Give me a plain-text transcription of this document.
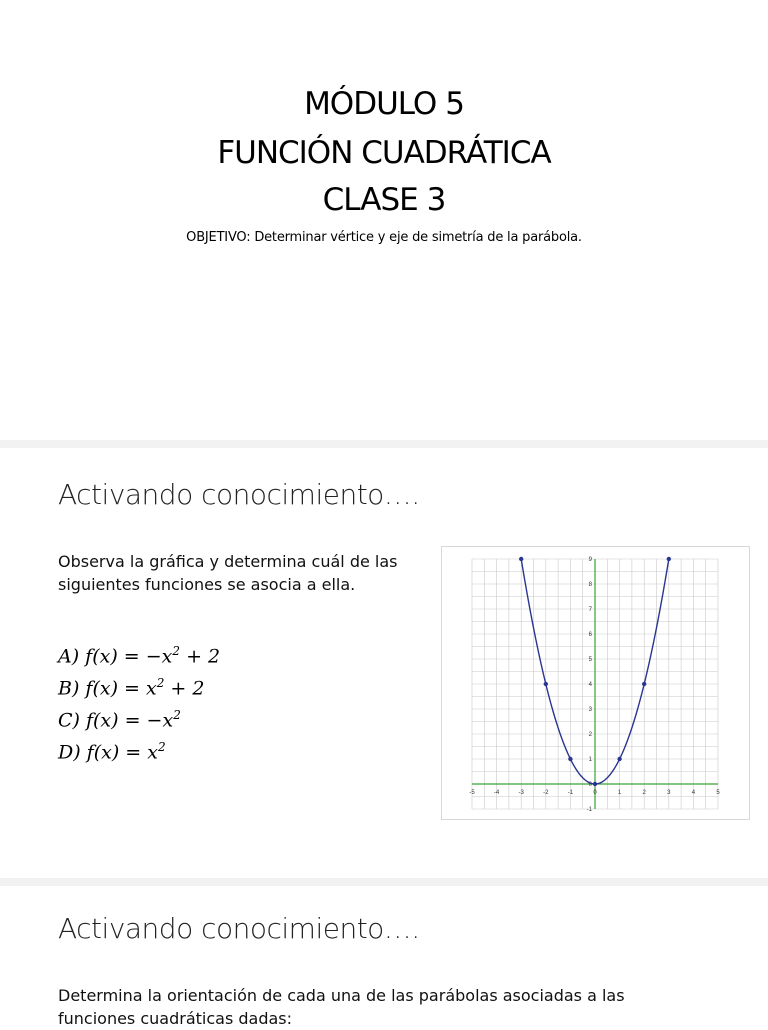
MÓDULO 5
FUNCIÓN CUADRÁTICA
CLASE 3
OBJETIVO: Determinar vértice y eje de simetría de la parábola.
Activando conocimiento….
Observa la gráfica y determina cuál de las
siguientes funciones se asocia a ella.
A) $f(x) = -x^2 + 2$
B) $f(x) = x^2 + 2$
C) $f(x) = -x^2$
D) $f(x) = x^2$
-5	-4	-3	-2	-1	0	1	2	3	4	5
-1
1
2
3
4
5
6
7
8
9
0
Activando conocimiento….
Determina la orientación de cada una de las parábolas asociadas a las
funciones cuadráticas dadas:
